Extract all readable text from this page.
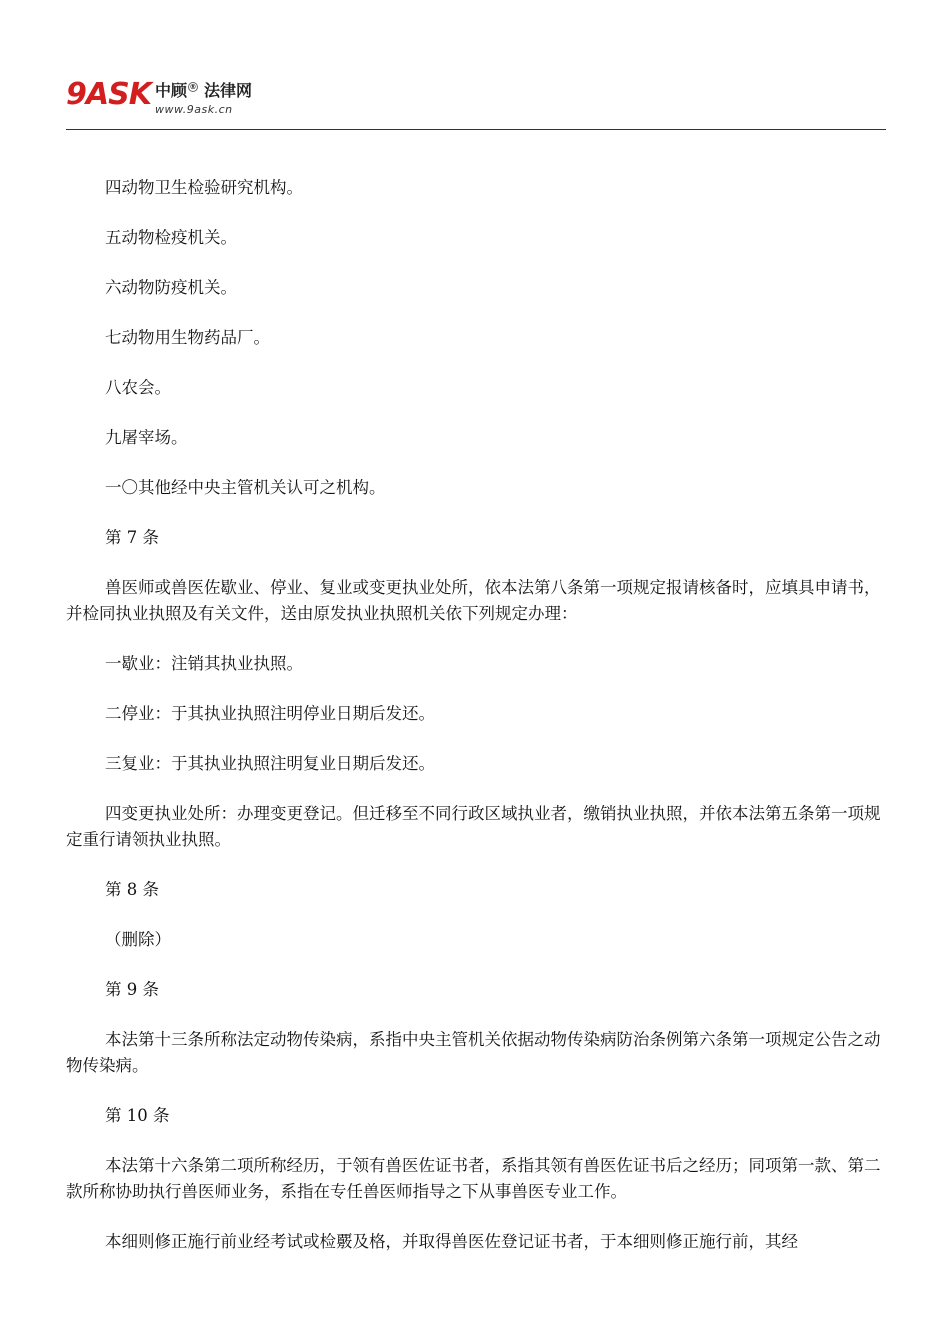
9ASK 中顾 ® 法律网
www.9ask.cn

四动物卫生检验研究机构。

五动物检疫机关。

六动物防疫机关。

七动物用生物药品厂。

八农会。

九屠宰场。

一〇其他经中央主管机关认可之机构。

第 7 条

兽医师或兽医佐歇业、停业、复业或变更执业处所，依本法第八条第一项规定报请核备时，应填具申请书，并检同执业执照及有关文件，送由原发执业执照机关依下列规定办理：

一歇业：注销其执业执照。

二停业：于其执业执照注明停业日期后发还。

三复业：于其执业执照注明复业日期后发还。

四变更执业处所：办理变更登记。但迁移至不同行政区域执业者，缴销执业执照，并依本法第五条第一项规定重行请领执业执照。

第 8 条

（删除）

第 9 条

本法第十三条所称法定动物传染病，系指中央主管机关依据动物传染病防治条例第六条第一项规定公告之动物传染病。

第 10 条

本法第十六条第二项所称经历，于领有兽医佐证书者，系指其领有兽医佐证书后之经历；同项第一款、第二款所称协助执行兽医师业务，系指在专任兽医师指导之下从事兽医专业工作。

本细则修正施行前业经考试或检覈及格，并取得兽医佐登记证书者，于本细则修正施行前，其经
